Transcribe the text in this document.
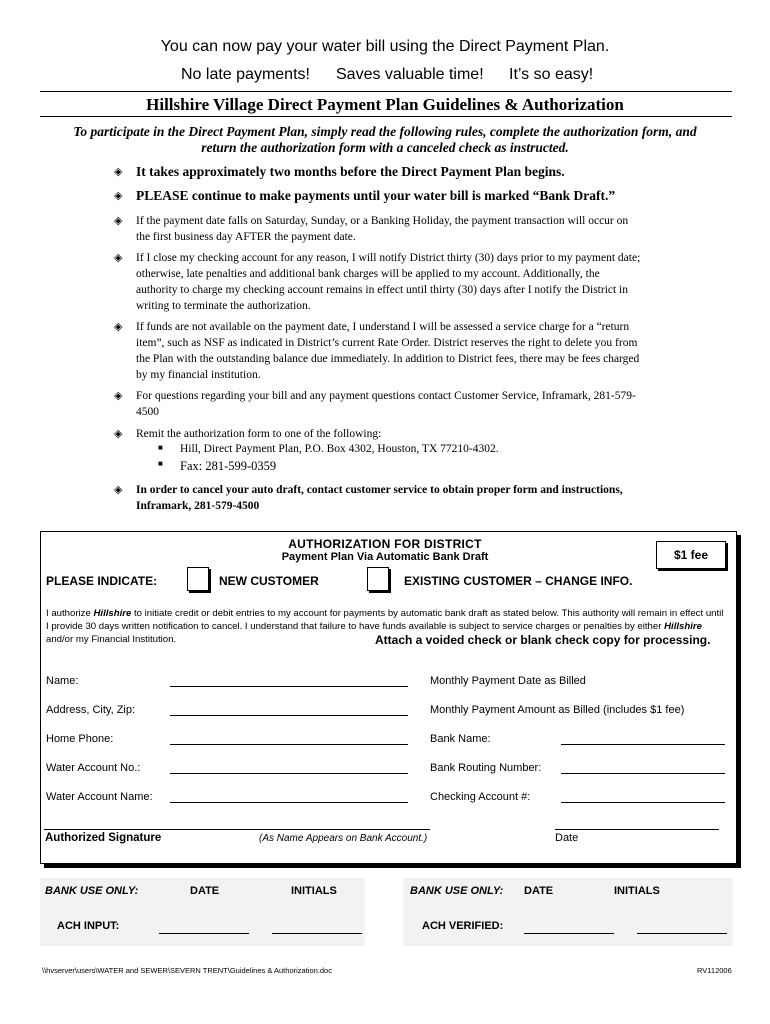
You can now pay your water bill using the Direct Payment Plan.
No late payments! Saves valuable time! It’s so easy!
Hillshire Village Direct Payment Plan Guidelines & Authorization
To participate in the Direct Payment Plan, simply read the following rules, complete the authorization form, and
return the authorization form with a canceled check as instructed.
◈ It takes approximately two months before the Direct Payment Plan begins.
◈ PLEASE continue to make payments until your water bill is marked “Bank Draft.”
◈ If the payment date falls on Saturday, Sunday, or a Banking Holiday, the payment transaction will occur on the first business day AFTER the payment date.
◈ If I close my checking account for any reason, I will notify District thirty (30) days prior to my payment date; otherwise, late penalties and additional bank charges will be applied to my account. Additionally, the authority to charge my checking account remains in effect until thirty (30) days after I notify the District in writing to terminate the authorization.
◈ If funds are not available on the payment date, I understand I will be assessed a service charge for a “return item”, such as NSF as indicated in District’s current Rate Order. District reserves the right to delete you from the Plan with the outstanding balance due immediately. In addition to District fees, there may be fees charged by my financial institution.
◈ For questions regarding your bill and any payment questions contact Customer Service, Inframark, 281-579-4500
◈ Remit the authorization form to one of the following:
■ Hill, Direct Payment Plan, P.O. Box 4302, Houston, TX 77210-4302.
■ Fax: 281-599-0359
◈ In order to cancel your auto draft, contact customer service to obtain proper form and instructions, Inframark, 281-579-4500
AUTHORIZATION FOR DISTRICT
Payment Plan Via Automatic Bank Draft	$1 fee
PLEASE INDICATE:	NEW CUSTOMER	EXISTING CUSTOMER – CHANGE INFO.
I authorize Hillshire to initiate credit or debit entries to my account for payments by automatic bank draft as stated below. This authority will remain in effect until I provide 30 days written notification to cancel. I understand that failure to have funds available is subject to service charges or penalties by either Hillshire and/or my Financial Institution.	Attach a voided check or blank check copy for processing.
Name:
Address, City, Zip:
Home Phone:
Water Account No.:
Water Account Name:
Monthly Payment Date as Billed
Monthly Payment Amount as Billed (includes $1 fee)
Bank Name:
Bank Routing Number:
Checking Account #:
Authorized Signature	(As Name Appears on Bank Account.)	Date
BANK USE ONLY:	DATE	INITIALS
ACH INPUT:
BANK USE ONLY: DATE	INITIALS
ACH VERIFIED:
\\hvserver\users\WATER and SEWER\SEVERN TRENT\Guidelines & Authorization.doc	RV112006
